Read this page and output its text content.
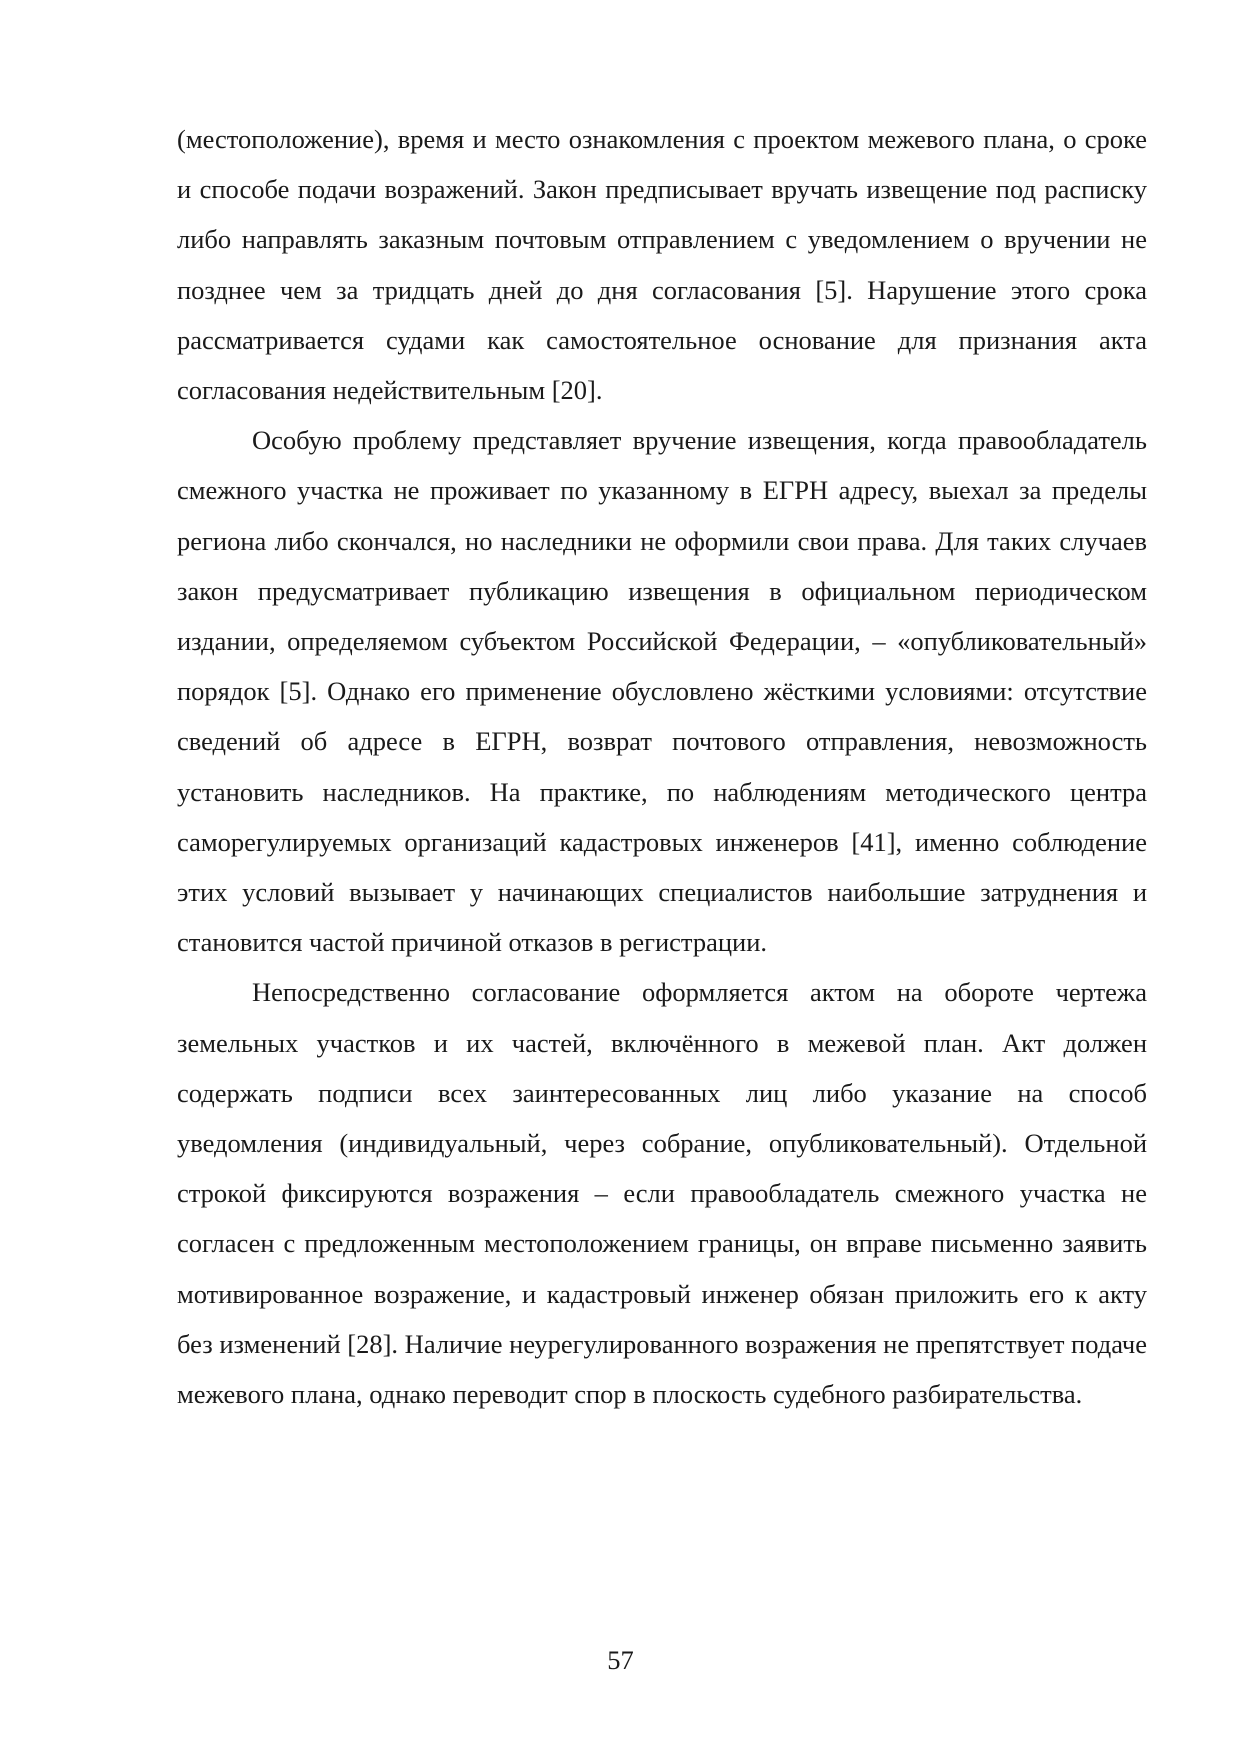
(местоположение), время и место ознакомления с проектом межевого плана, о сроке и способе подачи возражений. Закон предписывает вручать извещение под расписку либо направлять заказным почтовым отправлением с уведомлением о вручении не позднее чем за тридцать дней до дня согласования [5]. Нарушение этого срока рассматривается судами как самостоятельное основание для признания акта согласования недействительным [20].

Особую проблему представляет вручение извещения, когда правообладатель смежного участка не проживает по указанному в ЕГРН адресу, выехал за пределы региона либо скончался, но наследники не оформили свои права. Для таких случаев закон предусматривает публикацию извещения в официальном периодическом издании, определяемом субъектом Российской Федерации, – «опубликовательный» порядок [5]. Однако его применение обусловлено жёсткими условиями: отсутствие сведений об адресе в ЕГРН, возврат почтового отправления, невозможность установить наследников. На практике, по наблюдениям методического центра саморегулируемых организаций кадастровых инженеров [41], именно соблюдение этих условий вызывает у начинающих специалистов наибольшие затруднения и становится частой причиной отказов в регистрации.

Непосредственно согласование оформляется актом на обороте чертежа земельных участков и их частей, включённого в межевой план. Акт должен содержать подписи всех заинтересованных лиц либо указание на способ уведомления (индивидуальный, через собрание, опубликовательный). Отдельной строкой фиксируются возражения – если правообладатель смежного участка не согласен с предложенным местоположением границы, он вправе письменно заявить мотивированное возражение, и кадастровый инженер обязан приложить его к акту без изменений [28]. Наличие неурегулированного возражения не препятствует подаче межевого плана, однако переводит спор в плоскость судебного разбирательства.

57
